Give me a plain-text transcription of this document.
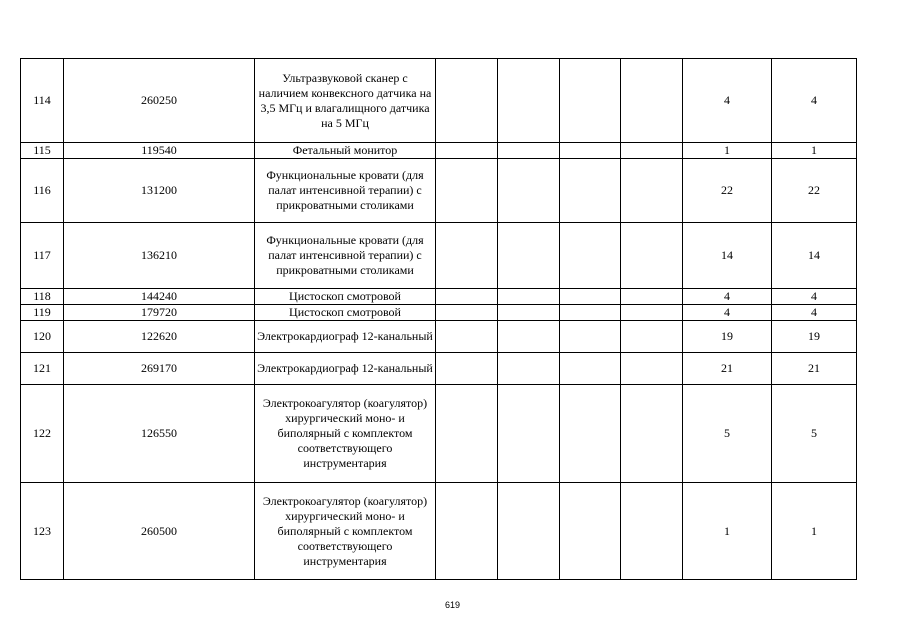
114	260250	Ультразвуковой сканер с наличием конвексного датчика на 3,5 МГц и влагалищного датчика на 5 МГц					4	4
115	119540	Фетальный монитор					1	1
116	131200	Функциональные кровати (для палат интенсивной терапии) с прикроватными столиками					22	22
117	136210	Функциональные кровати (для палат интенсивной терапии) с прикроватными столиками					14	14
118	144240	Цистоскоп смотровой					4	4
119	179720	Цистоскоп смотровой					4	4
120	122620	Электрокардиограф 12-канальный					19	19
121	269170	Электрокардиограф 12-канальный					21	21
122	126550	Электрокоагулятор (коагулятор) хирургический моно- и биполярный с комплектом соответствующего инструментария					5	5
123	260500	Электрокоагулятор (коагулятор) хирургический моно- и биполярный с комплектом соответствующего инструментария					1	1
619
